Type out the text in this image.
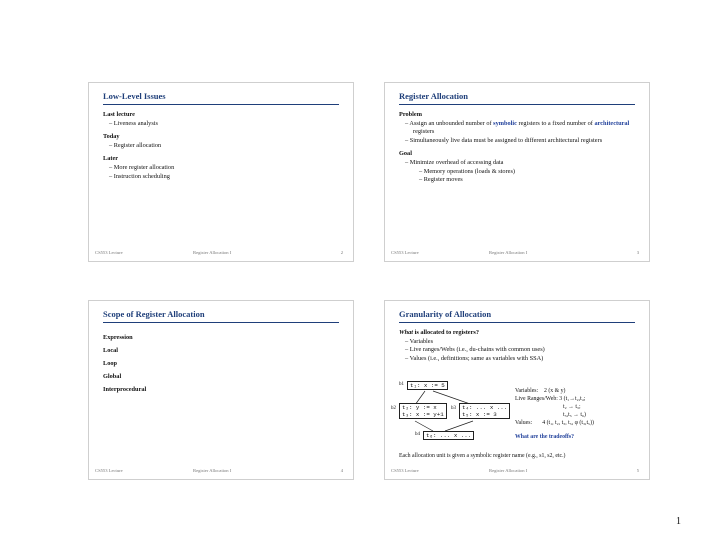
Low-Level Issues
Last lecture
– Liveness analysis
Today
– Register allocation
Later
– More register allocation
– Instruction scheduling
CS553 Lecture	Register Allocation I	2
Register Allocation
Problem
– Assign an unbounded number of symbolic registers to a fixed number of architectural registers
– Simultaneously live data must be assigned to different architectural registers
Goal
– Minimize overhead of accessing data
– Memory operations (loads & stores)
– Register moves
CS553 Lecture	Register Allocation I	3
Scope of Register Allocation
Expression
Local
Loop
Global
Interprocedural
CS553 Lecture	Register Allocation I	4
Granularity of Allocation
What is allocated to registers?
– Variables
– Live ranges/Webs (i.e., du-chains with common uses)
– Values (i.e., definitions; same as variables with SSA)
b1	t₁: x := 5
b2	t₂: y := x
t₃: x := y+1
b3	t₄: ... x ...
t₅: x := 3
b4	t₆: ... x ...
Variables: 2 (x & y)
Live Ranges/Web: 3 (t₁→t₂,t₄;
t₂ → t₃;
t₃,t₅ → t₆)
Values: 4 (t₁, t₂, t₃, t₅, φ (t₃,t₅))
What are the tradeoffs?
Each allocation unit is given a symbolic register name (e.g., s1, s2, etc.)
CS553 Lecture	Register Allocation I	5
1
